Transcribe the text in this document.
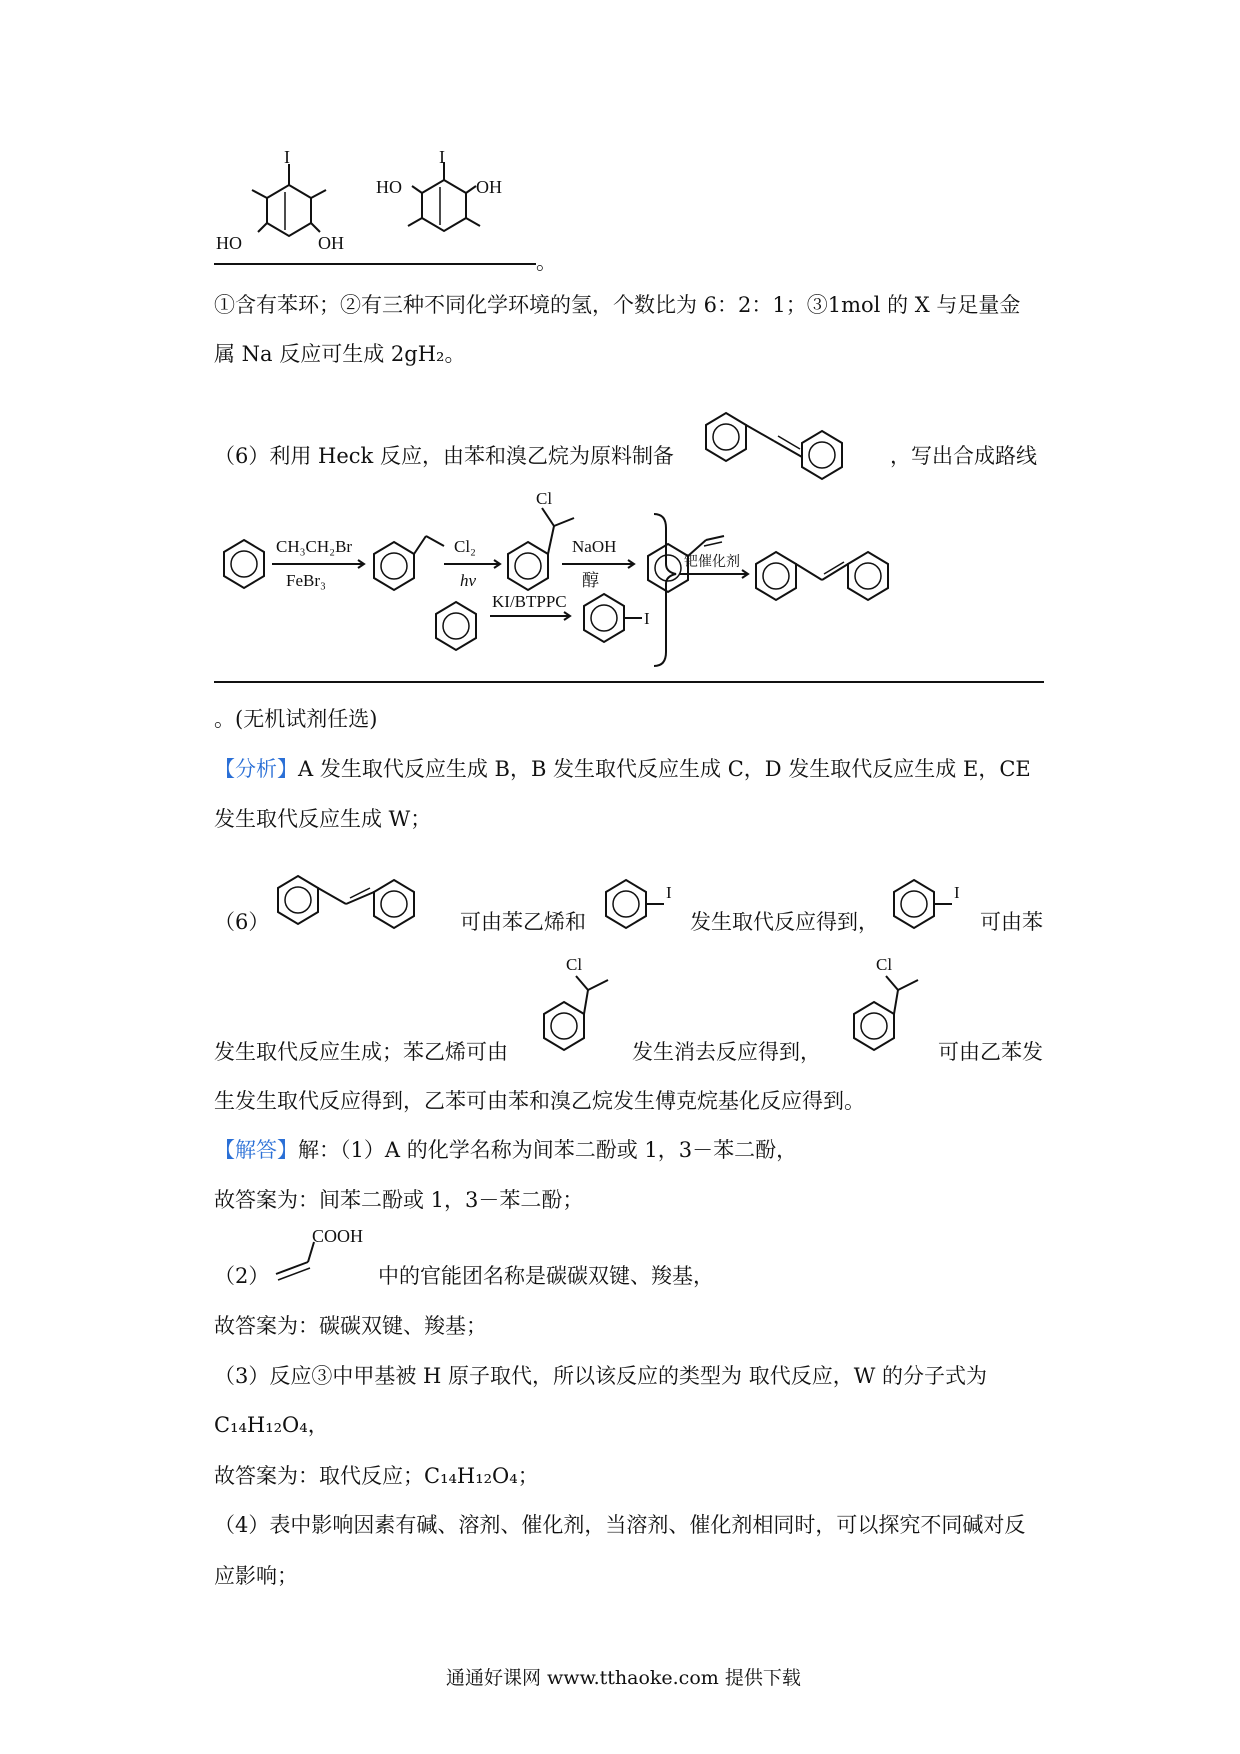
I
HO	OH
I
HO	OH
。
①含有苯环；②有三种不同化学环境的氢，个数比为 6：2：1；③1mol 的 X 与足量金
属 Na 反应可生成 2gH₂。
（6）利用 Heck 反应，由苯和溴乙烷为原料制备	，写出合成路线
CH₃CH₂Br
FeBr₃
Cl₂
hν
Cl
NaOH
醇
KI/BTPPC
I
钯催化剂
。(无机试剂任选)
【分析】A 发生取代反应生成 B，B 发生取代反应生成 C，D 发生取代反应生成 E，CE
发生取代反应生成 W；
（6）	可由苯乙烯和
I
发生取代反应得到，
I
可由苯
发生取代反应生成；苯乙烯可由
Cl
发生消去反应得到，
Cl
可由乙苯发
生发生取代反应得到，乙苯可由苯和溴乙烷发生傅克烷基化反应得到。
【解答】解：（1）A 的化学名称为间苯二酚或 1，3－苯二酚，
故答案为：间苯二酚或 1，3－苯二酚；
（2）
COOH
中的官能团名称是碳碳双键、羧基，
故答案为：碳碳双键、羧基；
（3）反应③中甲基被 H 原子取代，所以该反应的类型为 取代反应，W 的分子式为
C₁₄H₁₂O₄，
故答案为：取代反应；C₁₄H₁₂O₄；
（4）表中影响因素有碱、溶剂、催化剂，当溶剂、催化剂相同时，可以探究不同碱对反
应影响；
通通好课网 www.tthaoke.com 提供下载
